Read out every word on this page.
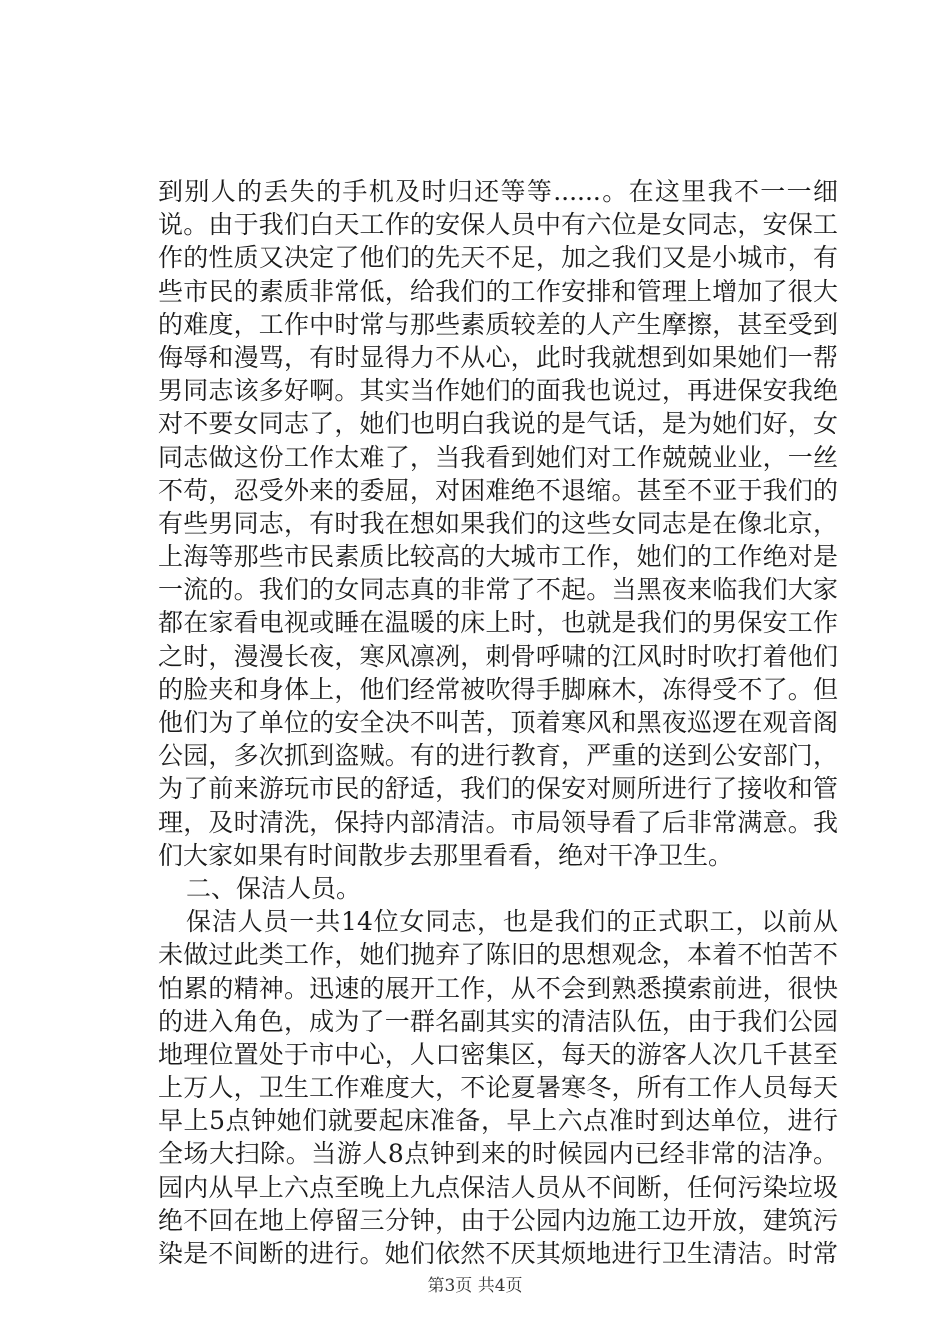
到别人的丢失的手机及时归还等等......。在这里我不一一细
说。由于我们白天工作的安保人员中有六位是女同志，安保工
作的性质又决定了他们的先天不足，加之我们又是小城市，有
些市民的素质非常低，给我们的工作安排和管理上增加了很大
的难度，工作中时常与那些素质较差的人产生摩擦，甚至受到
侮辱和漫骂，有时显得力不从心，此时我就想到如果她们一帮
男同志该多好啊。其实当作她们的面我也说过，再进保安我绝
对不要女同志了，她们也明白我说的是气话，是为她们好，女
同志做这份工作太难了，当我看到她们对工作兢兢业业，一丝
不苟，忍受外来的委屈，对困难绝不退缩。甚至不亚于我们的
有些男同志，有时我在想如果我们的这些女同志是在像北京，
上海等那些市民素质比较高的大城市工作，她们的工作绝对是
一流的。我们的女同志真的非常了不起。当黑夜来临我们大家
都在家看电视或睡在温暖的床上时，也就是我们的男保安工作
之时，漫漫长夜，寒风凛冽，刺骨呼啸的江风时时吹打着他们
的脸夹和身体上，他们经常被吹得手脚麻木，冻得受不了。但
他们为了单位的安全决不叫苦，顶着寒风和黑夜巡逻在观音阁
公园，多次抓到盗贼。有的进行教育，严重的送到公安部门，
为了前来游玩市民的舒适，我们的保安对厕所进行了接收和管
理，及时清洗，保持内部清洁。市局领导看了后非常满意。我
们大家如果有时间散步去那里看看，绝对干净卫生。
二、保洁人员。
保洁人员一共14位女同志，也是我们的正式职工，以前从
未做过此类工作，她们抛弃了陈旧的思想观念，本着不怕苦不
怕累的精神。迅速的展开工作，从不会到熟悉摸索前进，很快
的进入角色，成为了一群名副其实的清洁队伍，由于我们公园
地理位置处于市中心，人口密集区，每天的游客人次几千甚至
上万人，卫生工作难度大，不论夏暑寒冬，所有工作人员每天
早上5点钟她们就要起床准备，早上六点准时到达单位，进行
全场大扫除。当游人8点钟到来的时候园内已经非常的洁净。
园内从早上六点至晚上九点保洁人员从不间断，任何污染垃圾
绝不回在地上停留三分钟，由于公园内边施工边开放，建筑污
染是不间断的进行。她们依然不厌其烦地进行卫生清洁。时常
第3页 共4页
